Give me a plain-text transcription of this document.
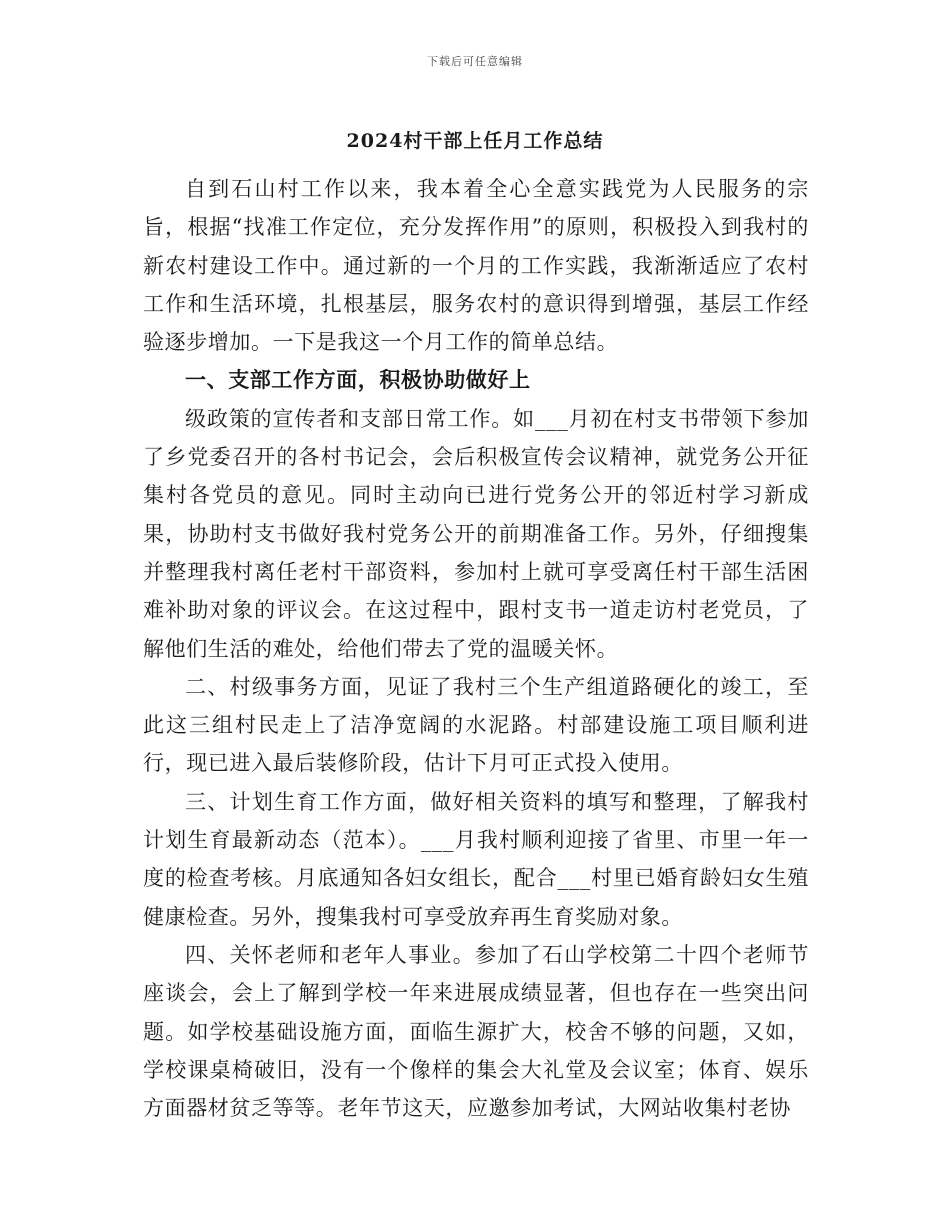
下载后可任意编辑
2024村干部上任月工作总结

自到石山村工作以来，我本着全心全意实践党为人民服务的宗旨，根据“找准工作定位，充分发挥作用”的原则，积极投入到我村的新农村建设工作中。通过新的一个月的工作实践，我渐渐适应了农村工作和生活环境，扎根基层，服务农村的意识得到增强，基层工作经验逐步增加。一下是我这一个月工作的简单总结。

一、支部工作方面，积极协助做好上

级政策的宣传者和支部日常工作。如___月初在村支书带领下参加了乡党委召开的各村书记会，会后积极宣传会议精神，就党务公开征集村各党员的意见。同时主动向已进行党务公开的邻近村学习新成果，协助村支书做好我村党务公开的前期准备工作。另外，仔细搜集并整理我村离任老村干部资料，参加村上就可享受离任村干部生活困难补助对象的评议会。在这过程中，跟村支书一道走访村老党员，了解他们生活的难处，给他们带去了党的温暖关怀。

二、村级事务方面，见证了我村三个生产组道路硬化的竣工，至此这三组村民走上了洁净宽阔的水泥路。村部建设施工项目顺利进行，现已进入最后装修阶段，估计下月可正式投入使用。

三、计划生育工作方面，做好相关资料的填写和整理，了解我村计划生育最新动态（范本）。___月我村顺利迎接了省里、市里一年一度的检查考核。月底通知各妇女组长，配合___村里已婚育龄妇女生殖健康检查。另外，搜集我村可享受放弃再生育奖励对象。

四、关怀老师和老年人事业。参加了石山学校第二十四个老师节座谈会，会上了解到学校一年来进展成绩显著，但也存在一些突出问题。如学校基础设施方面，面临生源扩大，校舍不够的问题，又如，学校课桌椅破旧，没有一个像样的集会大礼堂及会议室；体育、娱乐方面器材贫乏等等。老年节这天，应邀参加考试，大网站收集村老协
